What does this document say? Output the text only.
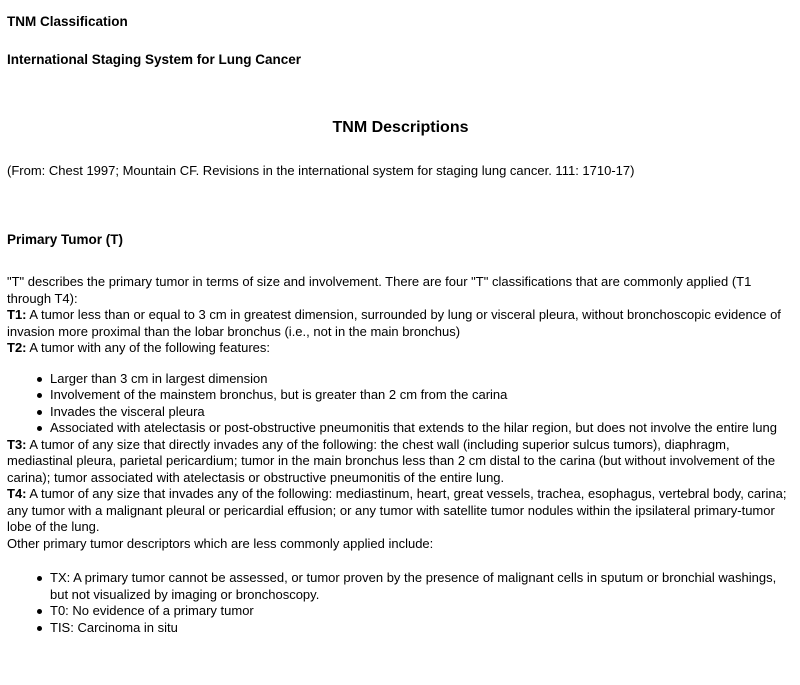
TNM Classification
International Staging System for Lung Cancer
TNM Descriptions

(From: Chest 1997; Mountain CF. Revisions in the international system for staging lung cancer. 111: 1710-17)

Primary Tumor (T)

"T" describes the primary tumor in terms of size and involvement. There are four "T" classifications that are commonly applied (T1 through T4):

T1: A tumor less than or equal to 3 cm in greatest dimension, surrounded by lung or visceral pleura, without bronchoscopic evidence of invasion more proximal than the lobar bronchus (i.e., not in the main bronchus)

T2: A tumor with any of the following features:

Larger than 3 cm in largest dimension
Involvement of the mainstem bronchus, but is greater than 2 cm from the carina
Invades the visceral pleura
Associated with atelectasis or post-obstructive pneumonitis that extends to the hilar region, but does not involve the entire lung

T3: A tumor of any size that directly invades any of the following: the chest wall (including superior sulcus tumors), diaphragm, mediastinal pleura, parietal pericardium; tumor in the main bronchus less than 2 cm distal to the carina (but without involvement of the carina); tumor associated with atelectasis or obstructive pneumonitis of the entire lung.

T4: A tumor of any size that invades any of the following: mediastinum, heart, great vessels, trachea, esophagus, vertebral body, carina; any tumor with a malignant pleural or pericardial effusion; or any tumor with satellite tumor nodules within the ipsilateral primary-tumor lobe of the lung.

Other primary tumor descriptors which are less commonly applied include:

TX: A primary tumor cannot be assessed, or tumor proven by the presence of malignant cells in sputum or bronchial washings, but not visualized by imaging or bronchoscopy.
T0: No evidence of a primary tumor
TIS: Carcinoma in situ
